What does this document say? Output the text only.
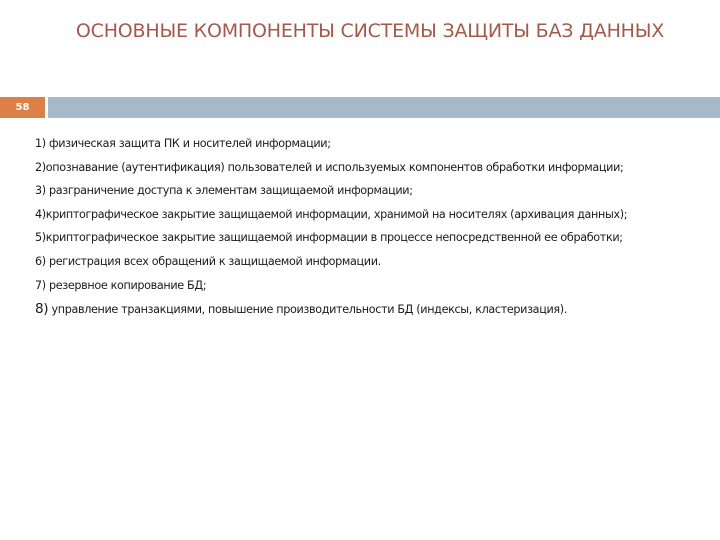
ОСНОВНЫЕ КОМПОНЕНТЫ СИСТЕМЫ ЗАЩИТЫ БАЗ ДАННЫХ
58
1) физическая защита ПК и носителей информации;
2)опознавание (аутентификация) пользователей и используемых компонентов обработки информации;
3) разграничение доступа к элементам защищаемой информации;
4)криптографическое закрытие защищаемой информации, хранимой на носителях (архивация данных);
5)криптографическое закрытие защищаемой информации в процессе непосредственной ее обработки;
6) регистрация всех обращений к защищаемой информации.
7) резервное копирование БД;
8) управление транзакциями, повышение производительности БД (индексы, кластеризация).
